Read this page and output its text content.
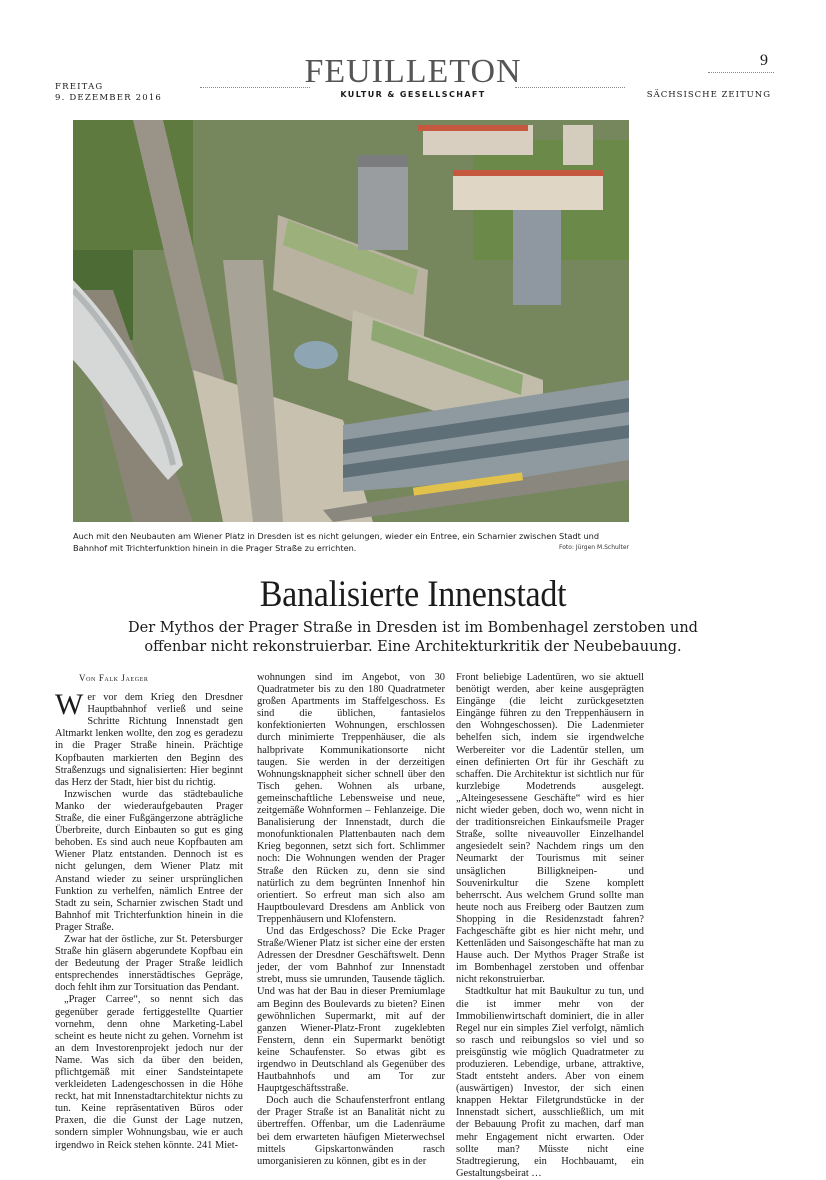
FREITAG
9. DEZEMBER 2016
FEUILLETON
KULTUR & GESELLSCHAFT	SÄCHSISCHE ZEITUNG
9
Auch mit den Neubauten am Wiener Platz in Dresden ist es nicht gelungen, wieder ein Entree, ein Scharnier zwischen Stadt und Bahnhof mit Trichterfunktion hinein in die Prager Straße zu errichten.	Foto: Jürgen M.Schulter
Banalisierte Innenstadt
Der Mythos der Prager Straße in Dresden ist im Bombenhagel zerstoben und offenbar nicht rekonstruierbar. Eine Architekturkritik der Neubebauung.
Von Falk Jaeger

Wer vor dem Krieg den Dresdner Hauptbahnhof verließ und seine Schritte Richtung Innenstadt gen Altmarkt lenken wollte, den zog es geradezu in die Prager Straße hinein. Prächtige Kopfbauten markierten den Beginn des Straßenzugs und signalisierten: Hier beginnt das Herz der Stadt, hier bist du richtig.

Inzwischen wurde das städtebauliche Manko der wiederaufgebauten Prager Straße, die einer Fußgängerzone abträgliche Überbreite, durch Einbauten so gut es ging behoben. Es sind auch neue Kopfbauten am Wiener Platz entstanden. Dennoch ist es nicht gelungen, dem Wiener Platz mit Anstand wieder zu seiner ursprünglichen Funktion zu verhelfen, nämlich Entree der Stadt zu sein, Scharnier zwischen Stadt und Bahnhof mit Trichterfunktion hinein in die Prager Straße.

Zwar hat der östliche, zur St. Petersburger Straße hin gläsern abgerundete Kopfbau ein der Bedeutung der Prager Straße leidlich entsprechendes innerstädtisches Gepräge, doch fehlt ihm zur Torsituation das Pendant.

„Prager Carree“, so nennt sich das gegenüber gerade fertiggestellte Quartier vornehm, denn ohne Marketing-Label scheint es heute nicht zu gehen. Vornehm ist an dem Investorenprojekt jedoch nur der Name. Was sich da über den beiden, pflichtgemäß mit einer Sandsteintapete verkleideten Ladengeschossen in die Höhe reckt, hat mit Innenstadtarchitektur nichts zu tun. Keine repräsentativen Büros oder Praxen, die die Gunst der Lage nutzen, sondern simpler Wohnungsbau, wie er auch irgendwo in Reick stehen könnte. 241 Miet-

wohnungen sind im Angebot, von 30 Quadratmeter bis zu den 180 Quadratmeter großen Apartments im Staffelgeschoss. Es sind die üblichen, fantasielos konfektionierten Wohnungen, erschlossen durch minimierte Treppenhäuser, die als halbprivate Kommunikationsorte nicht taugen. Sie werden in der derzeitigen Wohnungsknappheit sicher schnell über den Tisch gehen. Wohnen als urbane, gemeinschaftliche Lebensweise und neue, zeitgemäße Wohnformen – Fehlanzeige. Die Banalisierung der Innenstadt, durch die monofunktionalen Plattenbauten nach dem Krieg begonnen, setzt sich fort. Schlimmer noch: Die Wohnungen wenden der Prager Straße den Rücken zu, denn sie sind natürlich zu dem begrünten Innenhof hin orientiert. So erfreut man sich also am Hauptboulevard Dresdens am Anblick von Treppenhäusern und Klofenstern.

Und das Erdgeschoss? Die Ecke Prager Straße/Wiener Platz ist sicher eine der ersten Adressen der Dresdner Geschäftswelt. Denn jeder, der vom Bahnhof zur Innenstadt strebt, muss sie umrunden, Tausende täglich. Und was hat der Bau in dieser Premiumlage am Beginn des Boulevards zu bieten? Einen gewöhnlichen Supermarkt, mit auf der ganzen Wiener-Platz-Front zugeklebten Fenstern, denn ein Supermarkt benötigt keine Schaufenster. So etwas gibt es irgendwo in Deutschland als Gegenüber des Hautbahnhofs und am Tor zur Hauptgeschäftsstraße.

Doch auch die Schaufensterfront entlang der Prager Straße ist an Banalität nicht zu übertreffen. Offenbar, um die Ladenräume bei dem erwarteten häufigen Mieterwechsel mittels Gipskartonwänden rasch umorganisieren zu können, gibt es in der

Front beliebige Ladentüren, wo sie aktuell benötigt werden, aber keine ausgeprägten Eingänge (die leicht zurückgesetzten Eingänge führen zu den Treppenhäusern in den Wohngeschossen). Die Ladenmieter behelfen sich, indem sie irgendwelche Werbereiter vor die Ladentür stellen, um einen definierten Ort für ihr Geschäft zu schaffen. Die Architektur ist sichtlich nur für kurzlebige Modetrends ausgelegt. „Alteingesessene Geschäfte“ wird es hier nicht wieder geben, doch wo, wenn nicht in der traditionsreichen Einkaufsmeile Prager Straße, sollte niveauvoller Einzelhandel angesiedelt sein? Nachdem rings um den Neumarkt der Tourismus mit seiner unsäglichen Billigkneipen- und Souvenirkultur die Szene komplett beherrscht. Aus welchem Grund sollte man heute noch aus Freiberg oder Bautzen zum Shopping in die Residenzstadt fahren? Fachgeschäfte gibt es hier nicht mehr, und Kettenläden und Saisongeschäfte hat man zu Hause auch. Der Mythos Prager Straße ist im Bombenhagel zerstoben und offenbar nicht rekonstruierbar.

Stadtkultur hat mit Baukultur zu tun, und die ist immer mehr von der Immobilienwirtschaft dominiert, die in aller Regel nur ein simples Ziel verfolgt, nämlich so rasch und reibungslos so viel und so preisgünstig wie möglich Quadratmeter zu produzieren. Lebendige, urbane, attraktive, Stadt entsteht anders. Aber von einem (auswärtigen) Investor, der sich einen knappen Hektar Filetgrundstücke in der Innenstadt sichert, ausschließlich, um mit der Bebauung Profit zu machen, darf man mehr Engagement nicht erwarten. Oder sollte man? Müsste nicht eine Stadtregierung, ein Hochbauamt, ein Gestaltungsbeirat …
